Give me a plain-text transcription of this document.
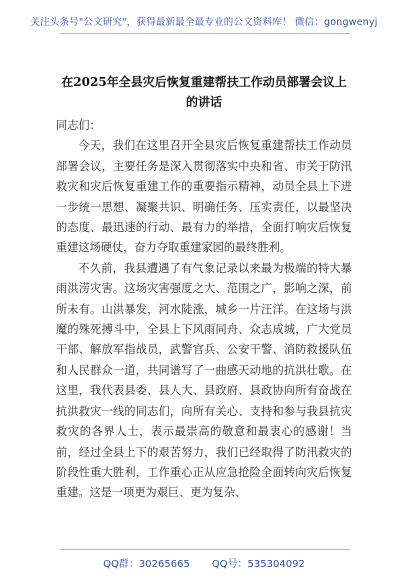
关注头条号"公文研究"，获得最新最全最专业的公文资料库！ 微信：gongwenyj
在2025年全县灾后恢复重建帮扶工作动员部署会议上的讲话

同志们：

今天，我们在这里召开全县灾后恢复重建帮扶工作动员部署会议，主要任务是深入贯彻落实中央和省、市关于防汛救灾和灾后恢复重建工作的重要指示精神，动员全县上下进一步统一思想、凝聚共识、明确任务、压实责任，以最坚决的态度、最迅速的行动、最有力的举措，全面打响灾后恢复重建这场硬仗，奋力夺取重建家园的最终胜利。

不久前，我县遭遇了有气象记录以来最为极端的特大暴雨洪涝灾害。这场灾害强度之大、范围之广，影响之深，前所未有。山洪暴发，河水陡涨，城乡一片汪洋。在这场与洪魔的殊死搏斗中，全县上下风雨同舟、众志成城，广大党员干部、解放军指战员，武警官兵、公安干警、消防救援队伍和人民群众一道，共同谱写了一曲感天动地的抗洪壮歌。在这里，我代表县委、县人大、县政府、县政协向所有奋战在抗洪救灾一线的同志们，向所有关心、支持和参与我县抗灾救灾的各界人士，表示最崇高的敬意和最衷心的感谢！当前，经过全县上下的艰苦努力，我们已经取得了防汛救灾的阶段性重大胜利，工作重心正从应急抢险全面转向灾后恢复重建。这是一项更为艰巨、更为复杂、

QQ群：30265665 QQ号：535304092
